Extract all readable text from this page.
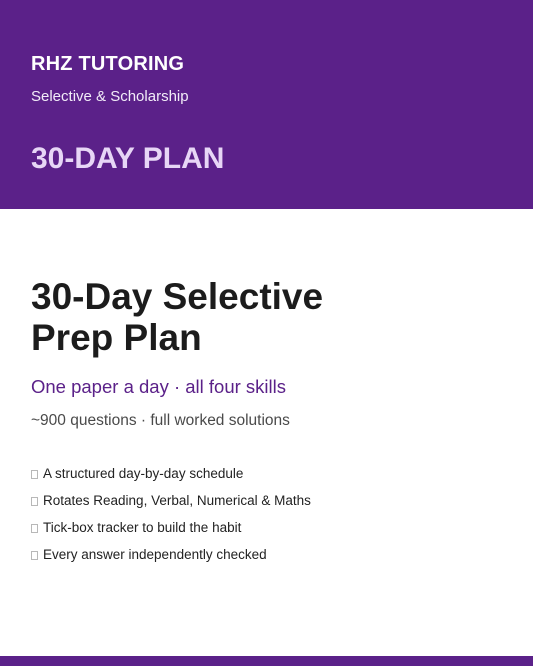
RHZ TUTORING
Selective & Scholarship
30-DAY PLAN
30-Day Selective
Prep Plan
One paper a day · all four skills
~900 questions · full worked solutions
A structured day-by-day schedule
Rotates Reading, Verbal, Numerical & Maths
Tick-box tracker to build the habit
Every answer independently checked
